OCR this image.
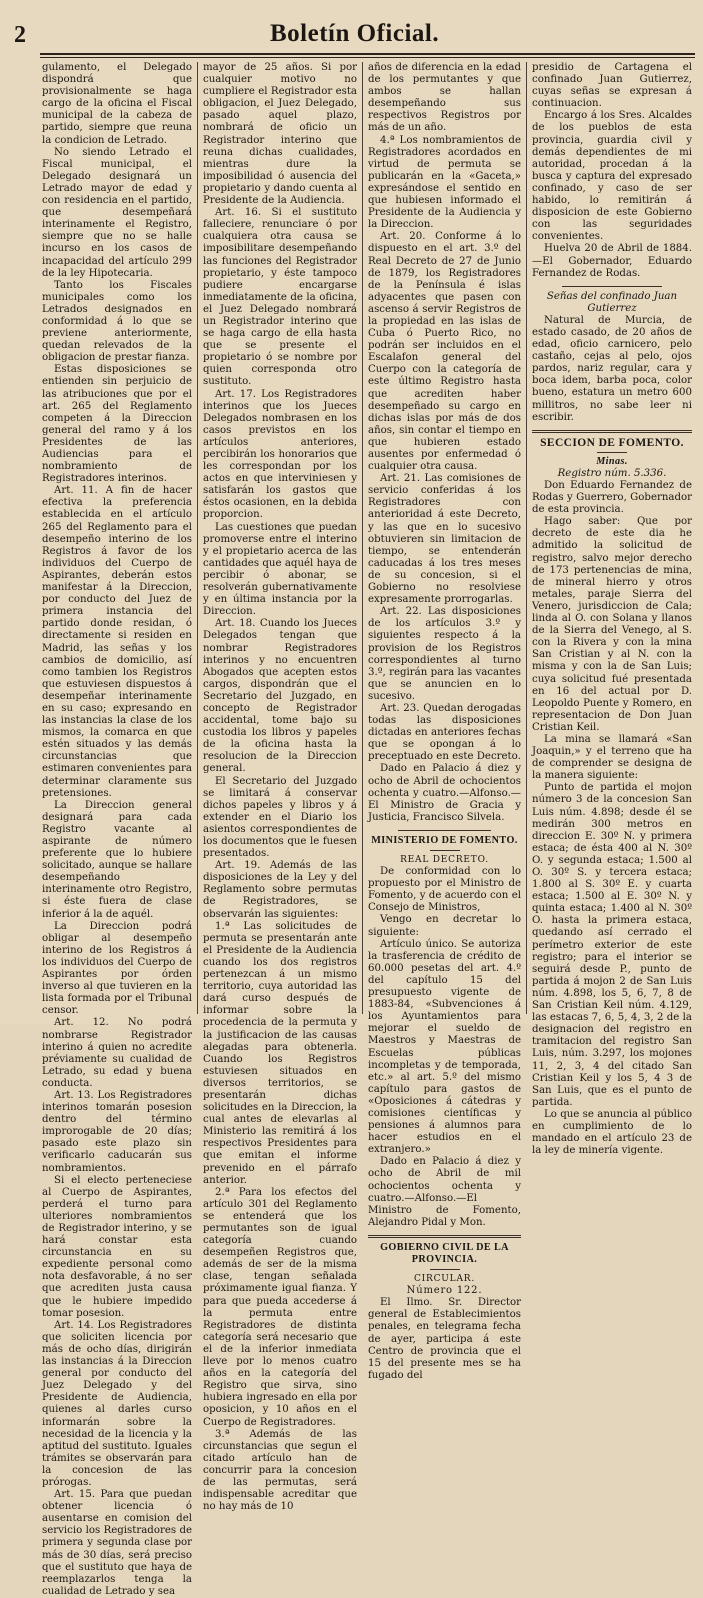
2	Boletín Oficial.

gulamento, el Delegado dispondrá que provisionalmente se haga cargo de la oficina el Fiscal municipal de la cabeza de partido, siempre que reuna la condicion de Letrado.

No siendo Letrado el Fiscal municipal, el Delegado designará un Letrado mayor de edad y con residencia en el partido, que desempeñará interinamente el Registro, siempre que no se halle incurso en los casos de incapacidad del artículo 299 de la ley Hipotecaria.

Tanto los Fiscales municipales como los Letrados designados en conformidad á lo que se previene anteriormente, quedan relevados de la obligacion de prestar fianza.

Estas disposiciones se entienden sin perjuicio de las atribuciones que por el art. 265 del Reglamento competen á la Direccion general del ramo y á los Presidentes de las Audiencias para el nombramiento de Registradores interinos.

Art. 11. A fin de hacer efectiva la preferencia establecida en el artículo 265 del Reglamento para el desempeño interino de los Registros á favor de los individuos del Cuerpo de Aspirantes, deberán estos manifestar á la Direccion, por conducto del Juez de primera instancia del partido donde residan, ó directamente si residen en Madrid, las señas y los cambios de domicilio, así como tambien los Registros que estuviesen dispuestos á desempeñar interinamente en su caso; expresando en las instancias la clase de los mismos, la comarca en que estén situados y las demás circunstancias que estimaren convenientes para determinar claramente sus pretensiones.

La Direccion general designará para cada Registro vacante al aspirante de número preferente que lo hubiere solicitado, aunque se hallare desempeñando interinamente otro Registro, si éste fuera de clase inferior á la de aquél.

La Direccion podrá obligar al desempeño interino de los Registros á los individuos del Cuerpo de Aspirantes por órden inverso al que tuvieren en la lista formada por el Tribunal censor.

Art. 12. No podrá nombrarse Registrador interino á quien no acredite préviamente su cualidad de Letrado, su edad y buena conducta.

Art. 13. Los Registradores interinos tomarán posesion dentro del término improrogable de 20 días; pasado este plazo sin verificarlo caducarán sus nombramientos.

Si el electo perteneciese al Cuerpo de Aspirantes, perderá el turno para ulteriores nombramientos de Registrador interino, y se hará constar esta circunstancia en su expediente personal como nota desfavorable, á no ser que acrediten justa causa que le hubiere impedido tomar posesion.

Art. 14. Los Registradores que soliciten licencia por más de ocho días, dirigirán las instancias á la Direccion general por conducto del Juez Delegado y del Presidente de Audiencia, quienes al darles curso informarán sobre la necesidad de la licencia y la aptitud del sustituto. Iguales trámites se observarán para la concesion de las prórogas.

Art. 15. Para que puedan obtener licencia ó ausentarse en comision del servicio los Registradores de primera y segunda clase por más de 30 días, será preciso que el sustituto que haya de reemplazarlos tenga la cualidad de Letrado y sea

mayor de 25 años. Si por cualquier motivo no cumpliere el Registrador esta obligacion, el Juez Delegado, pasado aquel plazo, nombrará de oficio un Registrador interino que reuna dichas cualidades, mientras dure la imposibilidad ó ausencia del propietario y dando cuenta al Presidente de la Audiencia.

Art. 16. Si el sustituto falleciere, renunciare ó por cualquiera otra causa se imposibilitare desempeñando las funciones del Registrador propietario, y éste tampoco pudiere encargarse inmediatamente de la oficina, el Juez Delegado nombrará un Registrador interino que se haga cargo de ella hasta que se presente el propietario ó se nombre por quien corresponda otro sustituto.

Art. 17. Los Registradores interinos que los Jueces Delegados nombrasen en los casos previstos en los artículos anteriores, percibirán los honorarios que les correspondan por los actos en que interviniesen y satisfarán los gastos que éstos ocasionen, en la debida proporcion.

Las cuestiones que puedan promoverse entre el interino y el propietario acerca de las cantidades que aquél haya de percibir ó abonar, se resolverán gubernativamente y en última instancia por la Direccion.

Art. 18. Cuando los Jueces Delegados tengan que nombrar Registradores interinos y no encuentren Abogados que acepten estos cargos, dispondrán que el Secretario del Juzgado, en concepto de Registrador accidental, tome bajo su custodia los libros y papeles de la oficina hasta la resolucion de la Direccion general.

El Secretario del Juzgado se limitará á conservar dichos papeles y libros y á extender en el Diario los asientos correspondientes de los documentos que le fuesen presentados.

Art. 19. Además de las disposiciones de la Ley y del Reglamento sobre permutas de Registradores, se observarán las siguientes:

1.ª Las solicitudes de permuta se presentarán ante el Presidente de la Audiencia cuando los dos registros pertenezcan á un mismo territorio, cuya autoridad las dará curso después de informar sobre la procedencia de la permuta y la justificacion de las causas alegadas para obtenerla. Cuando los Registros estuviesen situados en diversos territorios, se presentarán dichas solicitudes en la Direccion, la cual antes de elevarlas al Ministerio las remitirá á los respectivos Presidentes para que emitan el informe prevenido en el párrafo anterior.

2.ª Para los efectos del artículo 301 del Reglamento se entenderá que los permutantes son de igual categoría cuando desempeñen Registros que, además de ser de la misma clase, tengan señalada próximamente igual fianza. Y para que pueda accederse á la permuta entre Registradores de distinta categoría será necesario que el de la inferior inmediata lleve por lo menos cuatro años en la categoría del Registro que sirva, sino hubiera ingresado en ella por oposicion, y 10 años en el Cuerpo de Registradores.

3.ª Además de las circunstancias que segun el citado artículo han de concurrir para la concesion de las permutas, será indispensable acreditar que no hay más de 10

años de diferencia en la edad de los permutantes y que ambos se hallan desempeñando sus respectivos Registros por más de un año.

4.ª Los nombramientos de Registradores acordados en virtud de permuta se publicarán en la «Gaceta,» expresándose el sentido en que hubiesen informado el Presidente de la Audiencia y la Direccion.

Art. 20. Conforme á lo dispuesto en el art. 3.º del Real Decreto de 27 de Junio de 1879, los Registradores de la Península é islas adyacentes que pasen con ascenso á servir Registros de la propiedad en las islas de Cuba ó Puerto Rico, no podrán ser incluidos en el Escalafon general del Cuerpo con la categoría de este último Registro hasta que acrediten haber desempeñado su cargo en dichas islas por más de dos años, sin contar el tiempo en que hubieren estado ausentes por enfermedad ó cualquier otra causa.

Art. 21. Las comisiones de servicio conferidas á los Registradores con anterioridad á este Decreto, y las que en lo sucesivo obtuvieren sin limitacion de tiempo, se entenderán caducadas á los tres meses de su concesion, si el Gobierno no resolviese expresamente prorrogarlas.

Art. 22. Las disposiciones de los artículos 3.º y siguientes respecto á la provision de los Registros correspondientes al turno 3.º, regirán para las vacantes que se anuncien en lo sucesivo.

Art. 23. Quedan derogadas todas las disposiciones dictadas en anteriores fechas que se opongan á lo preceptuado en este Decreto.

Dado en Palacio á diez y ocho de Abril de ochocientos ochenta y cuatro.—Alfonso.—El Ministro de Gracia y Justicia, Francisco Silvela.

MINISTERIO DE FOMENTO.

REAL DECRETO.

De conformidad con lo propuesto por el Ministro de Fomento, y de acuerdo con el Consejo de Ministros,

Vengo en decretar lo siguiente:

Artículo único. Se autoriza la trasferencia de crédito de 60.000 pesetas del art. 4.º del capítulo 15 del presupuesto vigente de 1883-84, «Subvenciones á los Ayuntamientos para mejorar el sueldo de Maestros y Maestras de Escuelas públicas incompletas y de temporada, etc.» al art. 5.º del mismo capítulo para gastos de «Oposiciones á cátedras y comisiones científicas y pensiones á alumnos para hacer estudios en el extranjero.»

Dado en Palacio á diez y ocho de Abril de mil ochocientos ochenta y cuatro.—Alfonso.—El Ministro de Fomento, Alejandro Pidal y Mon.

GOBIERNO CIVIL DE LA PROVINCIA.

CIRCULAR.

Número 122.

El Ilmo. Sr. Director general de Establecimientos penales, en telegrama fecha de ayer, participa á este Centro de provincia que el 15 del presente mes se ha fugado del

presidio de Cartagena el confinado Juan Gutierrez, cuyas señas se expresan á continuacion.

Encargo á los Sres. Alcaldes de los pueblos de esta provincia, guardia civil y demás dependientes de mi autoridad, procedan á la busca y captura del expresado confinado, y caso de ser habido, lo remitirán á disposicion de este Gobierno con las seguridades convenientes.

Huelva 20 de Abril de 1884.—El Gobernador, Eduardo Fernandez de Rodas.

Señas del confinado Juan Gutierrez

Natural de Murcia, de estado casado, de 20 años de edad, oficio carnicero, pelo castaño, cejas al pelo, ojos pardos, nariz regular, cara y boca idem, barba poca, color bueno, estatura un metro 600 millitros, no sabe leer ni escribir.

SECCION DE FOMENTO.

Minas.

Registro núm. 5.336.

Don Eduardo Fernandez de Rodas y Guerrero, Gobernador de esta provincia.

Hago saber: Que por decreto de este dia he admitido la solicitud de registro, salvo mejor derecho de 173 pertenencias de mina, de mineral hierro y otros metales, paraje Sierra del Venero, jurisdiccion de Cala; linda al O. con Solana y llanos de la Sierra del Venego, al S. con la Rivera y con la mina San Cristian y al N. con la misma y con la de San Luis; cuya solicitud fué presentada en 16 del actual por D. Leopoldo Puente y Romero, en representacion de Don Juan Cristian Keil.

La mina se llamará «San Joaquin,» y el terreno que ha de comprender se designa de la manera siguiente:

Punto de partida el mojon número 3 de la concesion San Luis núm. 4.898; desde él se medirán 300 metros en direccion E. 30º N. y primera estaca; de ésta 400 al N. 30º O. y segunda estaca; 1.500 al O. 30º S. y tercera estaca; 1.800 al S. 30º E. y cuarta estaca; 1.500 al E. 30º N. y quinta estaca; 1.400 al N. 30º O. hasta la primera estaca, quedando así cerrado el perímetro exterior de este registro; para el interior se seguirá desde P., punto de partida á mojon 2 de San Luis núm. 4.898, los 5, 6, 7, 8 de San Cristian Keil núm. 4.129, las estacas 7, 6, 5, 4, 3, 2 de la designacion del registro en tramitacion del registro San Luis, núm. 3.297, los mojones 11, 2, 3, 4 del citado San Cristian Keil y los 5, 4 3 de San Luis, que es el punto de partida.

Lo que se anuncia al público en cumplimiento de lo mandado en el artículo 23 de la ley de minería vigente.
